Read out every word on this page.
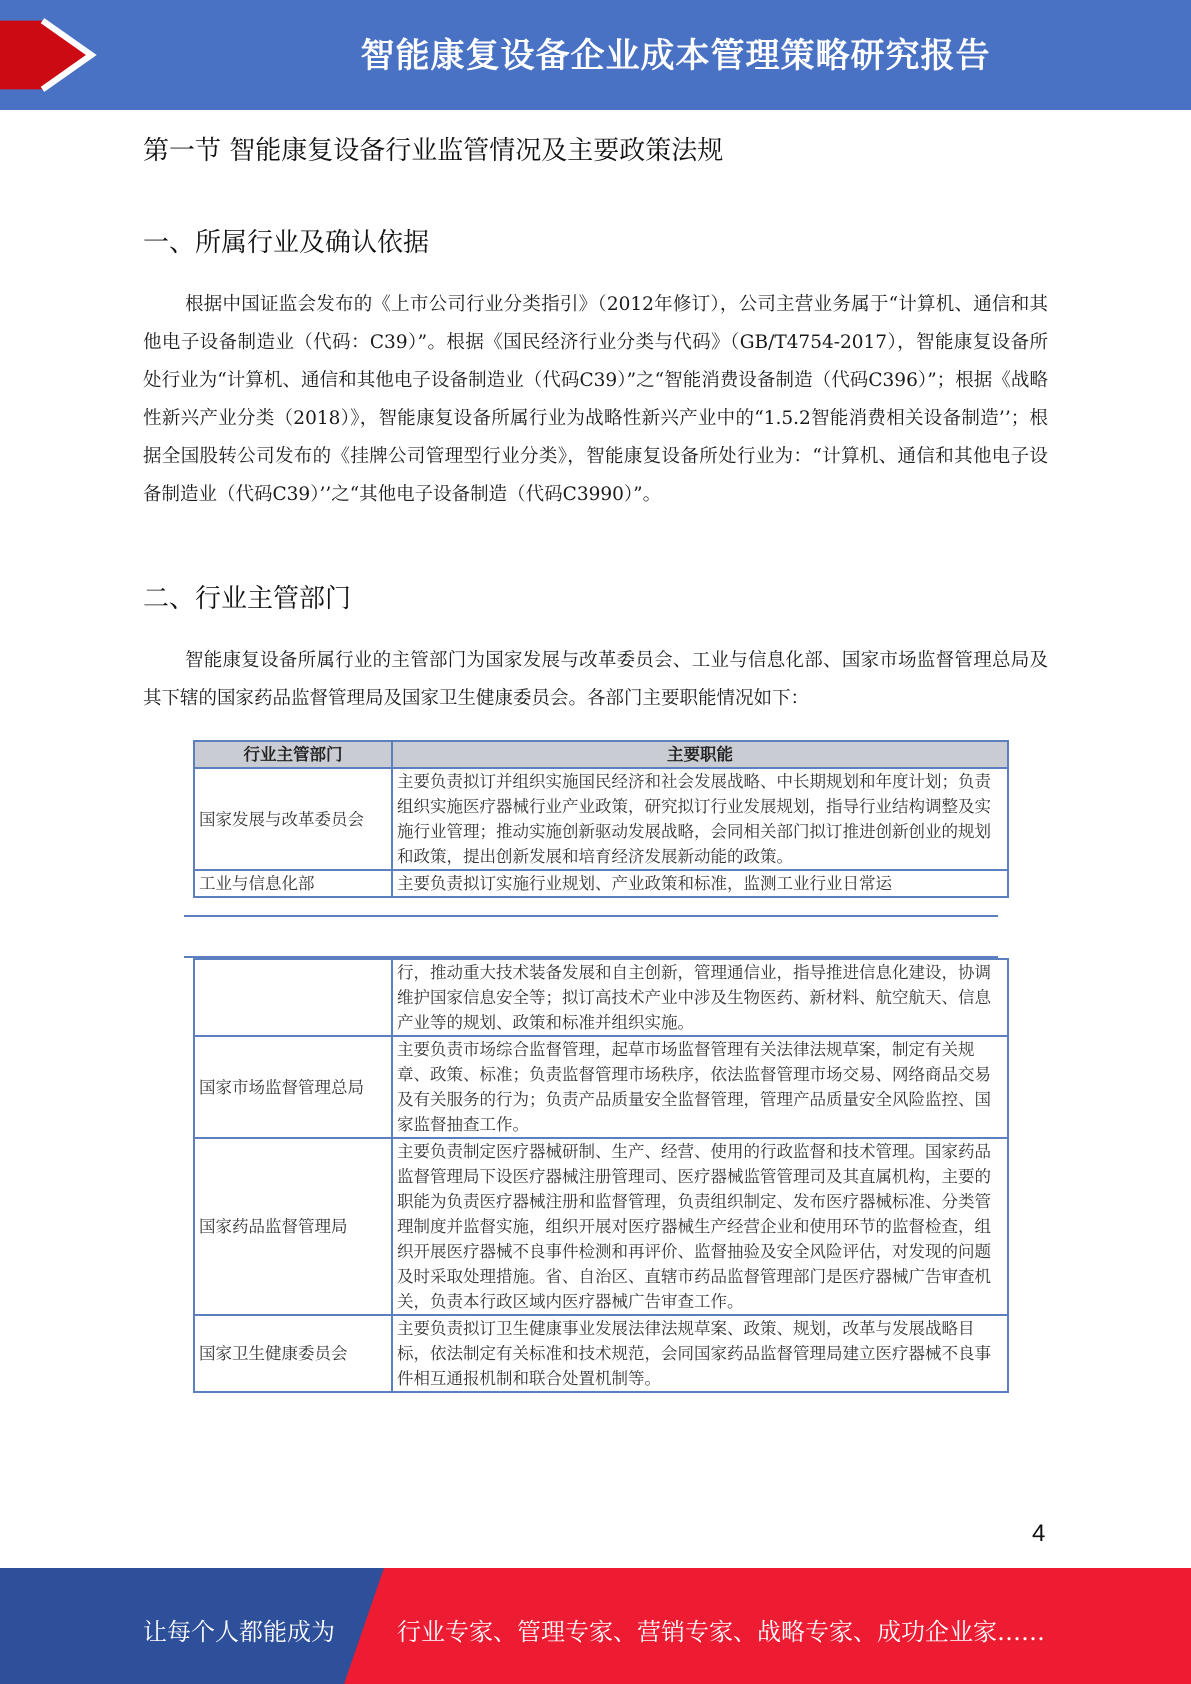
智能康复设备企业成本管理策略研究报告
第一节 智能康复设备行业监管情况及主要政策法规
一、所属行业及确认依据

根据中国证监会发布的《上市公司行业分类指引》（2012年修订），公司主营业务属于“计算机、通信和其他电子设备制造业（代码：C39）”。根据《国民经济行业分类与代码》（GB/T4754-2017），智能康复设备所处行业为“计算机、通信和其他电子设备制造业（代码C39）”之“智能消费设备制造（代码C396）”；根据《战略性新兴产业分类（2018）》，智能康复设备所属行业为战略性新兴产业中的“1.5.2智能消费相关设备制造’’；根据全国股转公司发布的《挂牌公司管理型行业分类》，智能康复设备所处行业为：“计算机、通信和其他电子设备制造业（代码C39）’’之“其他电子设备制造（代码C3990）”。

二、行业主管部门

智能康复设备所属行业的主管部门为国家发展与改革委员会、工业与信息化部、国家市场监督管理总局及其下辖的国家药品监督管理局及国家卫生健康委员会。各部门主要职能情况如下：

行业主管部门	主要职能
国家发展与改革委员会	主要负责拟订并组织实施国民经济和社会发展战略、中长期规划和年度计划；负责组织实施医疗器械行业产业政策，研究拟订行业发展规划，指导行业结构调整及实施行业管理；推动实施创新驱动发展战略，会同相关部门拟订推进创新创业的规划和政策，提出创新发展和培育经济发展新动能的政策。
工业与信息化部	主要负责拟订实施行业规划、产业政策和标准，监测工业行业日常运
	行，推动重大技术装备发展和自主创新，管理通信业，指导推进信息化建设，协调维护国家信息安全等；拟订高技术产业中涉及生物医药、新材料、航空航天、信息产业等的规划、政策和标准并组织实施。
国家市场监督管理总局	主要负责市场综合监督管理，起草市场监督管理有关法律法规草案，制定有关规章、政策、标准；负责监督管理市场秩序，依法监督管理市场交易、网络商品交易及有关服务的行为；负责产品质量安全监督管理，管理产品质量安全风险监控、国家监督抽查工作。
国家药品监督管理局	主要负责制定医疗器械研制、生产、经营、使用的行政监督和技术管理。国家药品监督管理局下设医疗器械注册管理司、医疗器械监管管理司及其直属机构，主要的职能为负责医疗器械注册和监督管理，负责组织制定、发布医疗器械标准、分类管理制度并监督实施，组织开展对医疗器械生产经营企业和使用环节的监督检查，组织开展医疗器械不良事件检测和再评价、监督抽验及安全风险评估，对发现的问题及时采取处理措施。省、自治区、直辖市药品监督管理部门是医疗器械广告审查机关，负责本行政区域内医疗器械广告审查工作。
国家卫生健康委员会	主要负责拟订卫生健康事业发展法律法规草案、政策、规划，改革与发展战略目标，依法制定有关标准和技术规范，会同国家药品监督管理局建立医疗器械不良事件相互通报机制和联合处置机制等。
4
让每个人都能成为	行业专家、管理专家、营销专家、战略专家、成功企业家……
